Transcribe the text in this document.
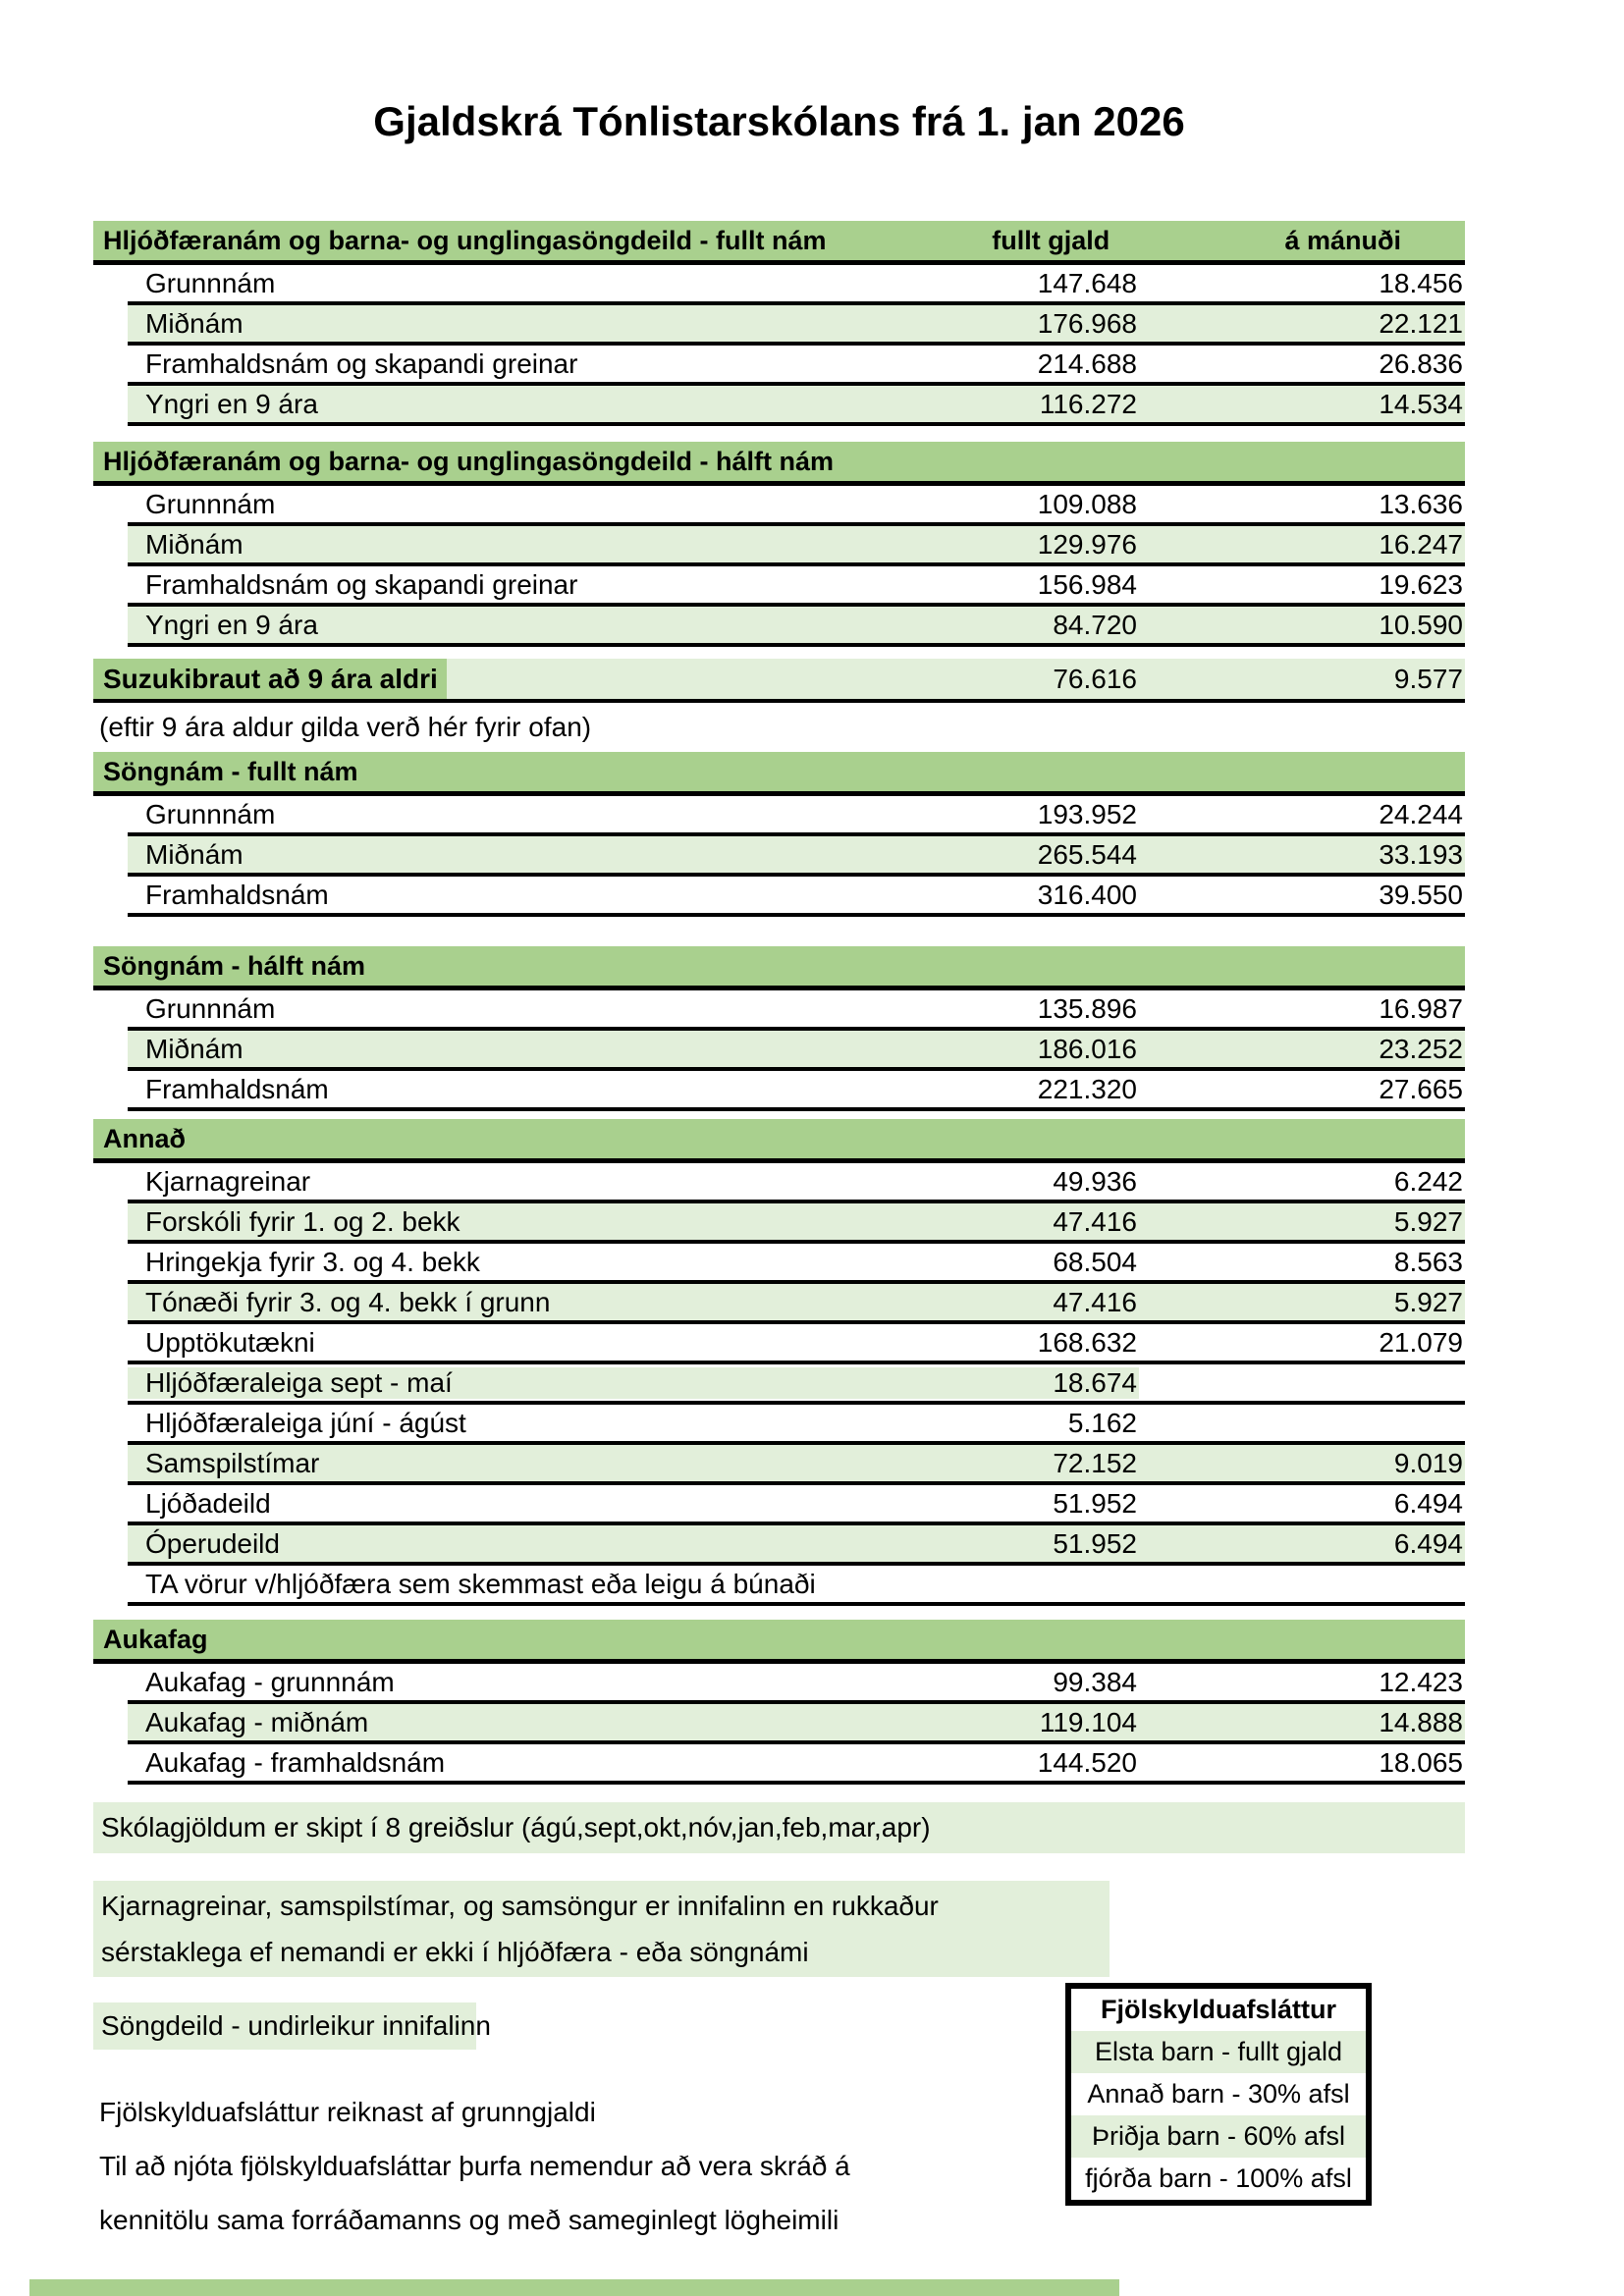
Gjaldskrá Tónlistarskólans frá 1. jan 2026
Hljóðfæranám og barna- og unglingasöngdeild - fullt nám	fullt gjald	á mánuði
Grunnnám	147.648	18.456
Miðnám	176.968	22.121
Framhaldsnám og skapandi greinar	214.688	26.836
Yngri en 9 ára	116.272	14.534
Hljóðfæranám og barna- og unglingasöngdeild - hálft nám
Grunnnám	109.088	13.636
Miðnám	129.976	16.247
Framhaldsnám og skapandi greinar	156.984	19.623
Yngri en 9 ára	84.720	10.590
Suzukibraut að 9 ára aldri	76.616	9.577
(eftir 9 ára aldur gilda verð hér fyrir ofan)
Söngnám - fullt nám
Grunnnám	193.952	24.244
Miðnám	265.544	33.193
Framhaldsnám	316.400	39.550
Söngnám - hálft nám
Grunnnám	135.896	16.987
Miðnám	186.016	23.252
Framhaldsnám	221.320	27.665
Annað
Kjarnagreinar	49.936	6.242
Forskóli fyrir 1. og 2. bekk	47.416	5.927
Hringekja fyrir 3. og 4. bekk	68.504	8.563
Tónæði fyrir 3. og 4. bekk í grunn	47.416	5.927
Upptökutækni	168.632	21.079
Hljóðfæraleiga sept - maí	18.674
Hljóðfæraleiga júní - ágúst	5.162
Samspilstímar	72.152	9.019
Ljóðadeild	51.952	6.494
Óperudeild	51.952	6.494
TA vörur v/hljóðfæra sem skemmast eða leigu á búnaði
Aukafag
Aukafag - grunnnám	99.384	12.423
Aukafag - miðnám	119.104	14.888
Aukafag - framhaldsnám	144.520	18.065
Skólagjöldum er skipt í 8 greiðslur (ágú,sept,okt,nóv,jan,feb,mar,apr)
Kjarnagreinar, samspilstímar, og samsöngur er innifalinn en rukkaður
sérstaklega ef nemandi er ekki í hljóðfæra - eða söngnámi
Söngdeild - undirleikur innifalinn
Fjölskylduafsláttur reiknast af grunngjaldi
Til að njóta fjölskylduafsláttar þurfa nemendur að vera skráð á
kennitölu sama forráðamanns og með sameginlegt lögheimili
Fjölskylduafsláttur
Elsta barn - fullt gjald
Annað barn - 30% afsl
Þriðja barn - 60% afsl
fjórða barn - 100% afsl
